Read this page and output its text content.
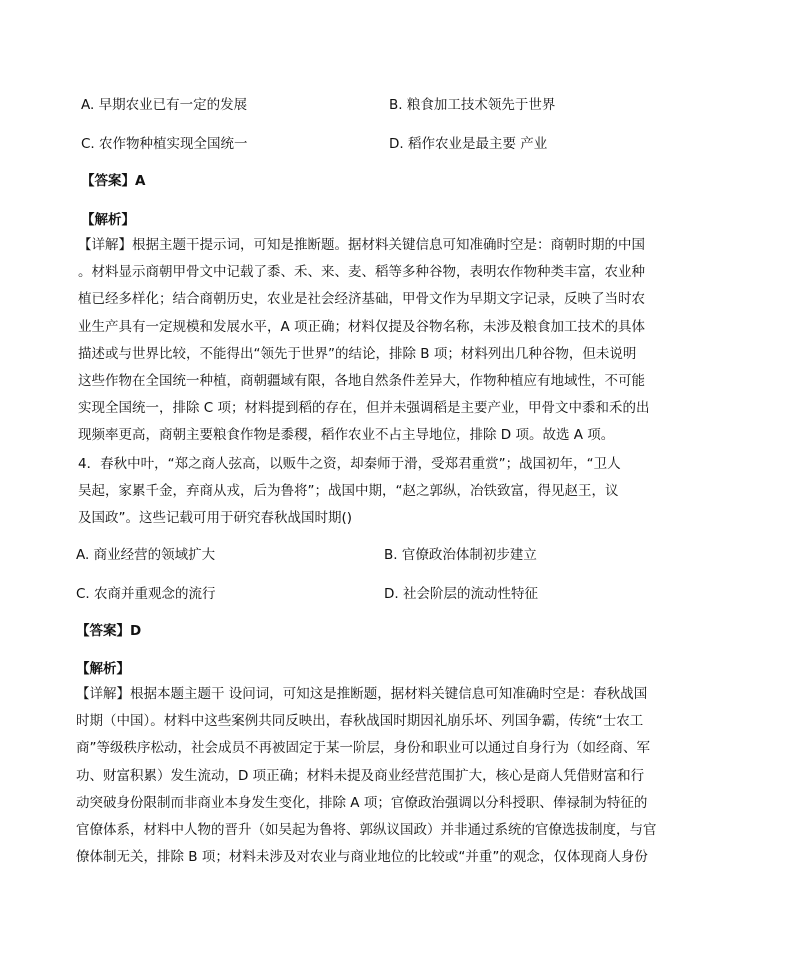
A. 早期农业已有一定的发展	B. 粮食加工技术领先于世界
C. 农作物种植实现全国统一	D. 稻作农业是最主要 产业
【答案】A
【解析】
【详解】根据主题干提示词，可知是推断题。据材料关键信息可知准确时空是：商朝时期的中国
。材料显示商朝甲骨文中记载了黍、禾、来、麦、稻等多种谷物，表明农作物种类丰富，农业种
植已经多样化；结合商朝历史，农业是社会经济基础，甲骨文作为早期文字记录，反映了当时农
业生产具有一定规模和发展水平，A 项正确；材料仅提及谷物名称，未涉及粮食加工技术的具体
描述或与世界比较，不能得出“领先于世界”的结论，排除 B 项；材料列出几种谷物，但未说明
这些作物在全国统一种植，商朝疆域有限，各地自然条件差异大，作物种植应有地域性，不可能
实现全国统一，排除 C 项；材料提到稻的存在，但并未强调稻是主要产业，甲骨文中黍和禾的出
现频率更高，商朝主要粮食作物是黍稷，稻作农业不占主导地位，排除 D 项。故选 A 项。
4．春秋中叶，“郑之商人弦高，以贩牛之资，却秦师于滑，受郑君重赏”；战国初年，“卫人
吴起，家累千金，弃商从戎，后为鲁将”；战国中期，“赵之郭纵，冶铁致富，得见赵王，议
及国政”。这些记载可用于研究春秋战国时期()
A. 商业经营的领域扩大	B. 官僚政治体制初步建立
C. 农商并重观念的流行	D. 社会阶层的流动性特征
【答案】D
【解析】
【详解】根据本题主题干 设问词，可知这是推断题，据材料关键信息可知准确时空是：春秋战国
时期（中国）。材料中这些案例共同反映出，春秋战国时期因礼崩乐坏、列国争霸，传统“士农工
商”等级秩序松动，社会成员不再被固定于某一阶层，身份和职业可以通过自身行为（如经商、军
功、财富积累）发生流动，D 项正确；材料未提及商业经营范围扩大，核心是商人凭借财富和行
动突破身份限制而非商业本身发生变化，排除 A 项；官僚政治强调以分科授职、俸禄制为特征的
官僚体系，材料中人物的晋升（如吴起为鲁将、郭纵议国政）并非通过系统的官僚选拔制度，与官
僚体制无关，排除 B 项；材料未涉及对农业与商业地位的比较或“并重”的观念，仅体现商人身份
